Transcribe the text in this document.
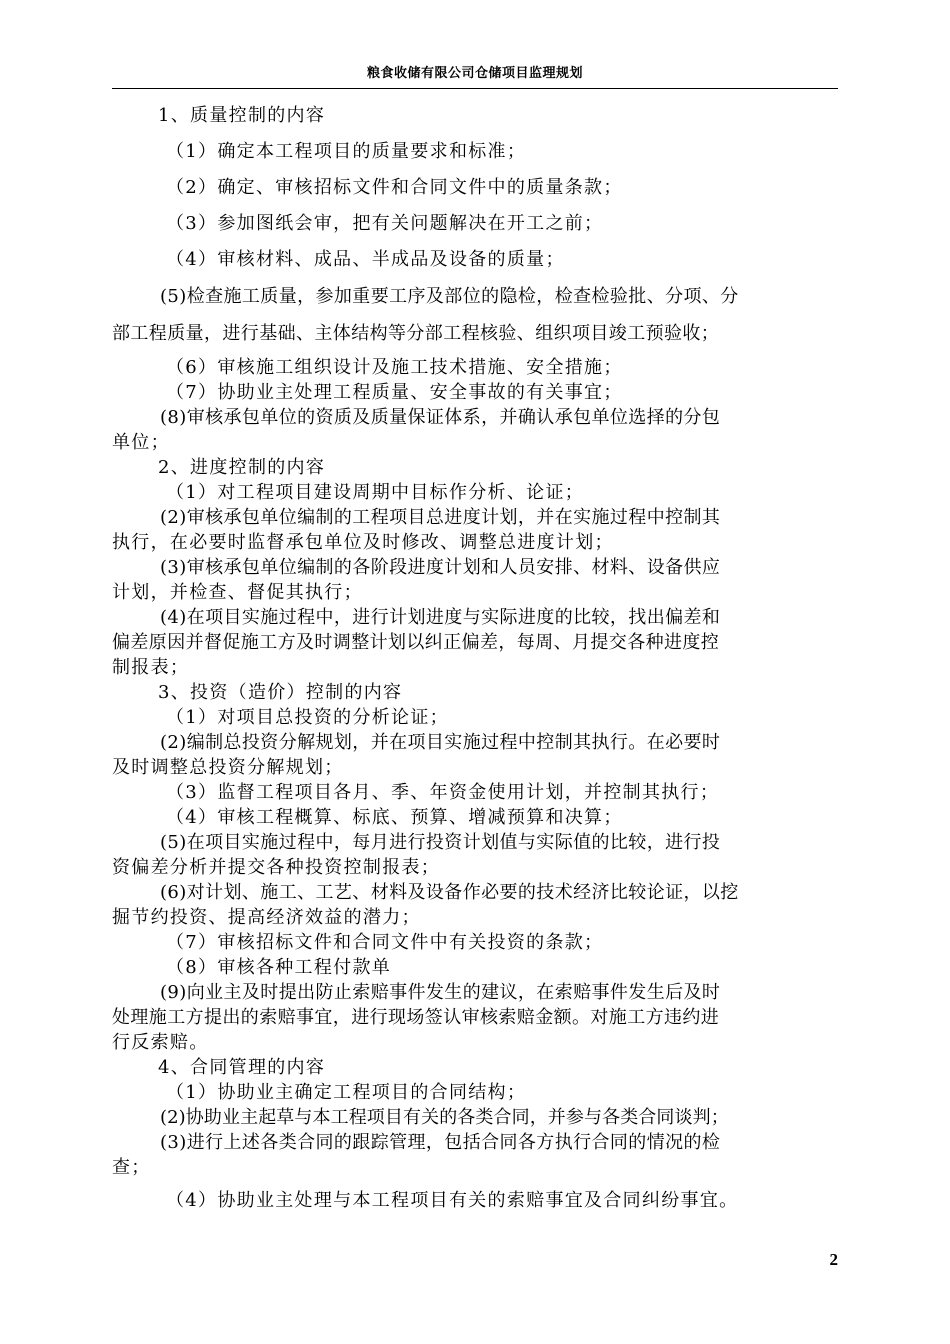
粮食收储有限公司仓储项目监理规划

1、质量控制的内容

（1）确定本工程项目的质量要求和标准；

（2）确定、审核招标文件和合同文件中的质量条款；

（3）参加图纸会审，把有关问题解决在开工之前；

（4）审核材料、成品、半成品及设备的质量；

(5)检查施工质量，参加重要工序及部位的隐检，检查检验批、分项、分

部工程质量，进行基础、主体结构等分部工程核验、组织项目竣工预验收；

（6）审核施工组织设计及施工技术措施、安全措施；

（7）协助业主处理工程质量、安全事故的有关事宜；

(8)审核承包单位的资质及质量保证体系，并确认承包单位选择的分包

单位；

2、进度控制的内容

（1）对工程项目建设周期中目标作分析、论证；

(2)审核承包单位编制的工程项目总进度计划，并在实施过程中控制其

执行，在必要时监督承包单位及时修改、调整总进度计划；

(3)审核承包单位编制的各阶段进度计划和人员安排、材料、设备供应

计划，并检查、督促其执行；

(4)在项目实施过程中，进行计划进度与实际进度的比较，找出偏差和

偏差原因并督促施工方及时调整计划以纠正偏差，每周、月提交各种进度控

制报表；

3、投资（造价）控制的内容

（1）对项目总投资的分析论证；

(2)编制总投资分解规划，并在项目实施过程中控制其执行。在必要时

及时调整总投资分解规划；

（3）监督工程项目各月、季、年资金使用计划，并控制其执行；

（4）审核工程概算、标底、预算、增减预算和决算；

(5)在项目实施过程中，每月进行投资计划值与实际值的比较，进行投

资偏差分析并提交各种投资控制报表；

(6)对计划、施工、工艺、材料及设备作必要的技术经济比较论证，以挖

掘节约投资、提高经济效益的潜力；

（7）审核招标文件和合同文件中有关投资的条款；

（8）审核各种工程付款单

(9)向业主及时提出防止索赔事件发生的建议，在索赔事件发生后及时

处理施工方提出的索赔事宜，进行现场签认审核索赔金额。对施工方违约进

行反索赔。

4、合同管理的内容

（1）协助业主确定工程项目的合同结构；

(2)协助业主起草与本工程项目有关的各类合同，并参与各类合同谈判；

(3)进行上述各类合同的跟踪管理，包括合同各方执行合同的情况的检

查；

（4）协助业主处理与本工程项目有关的索赔事宜及合同纠纷事宜。

2
